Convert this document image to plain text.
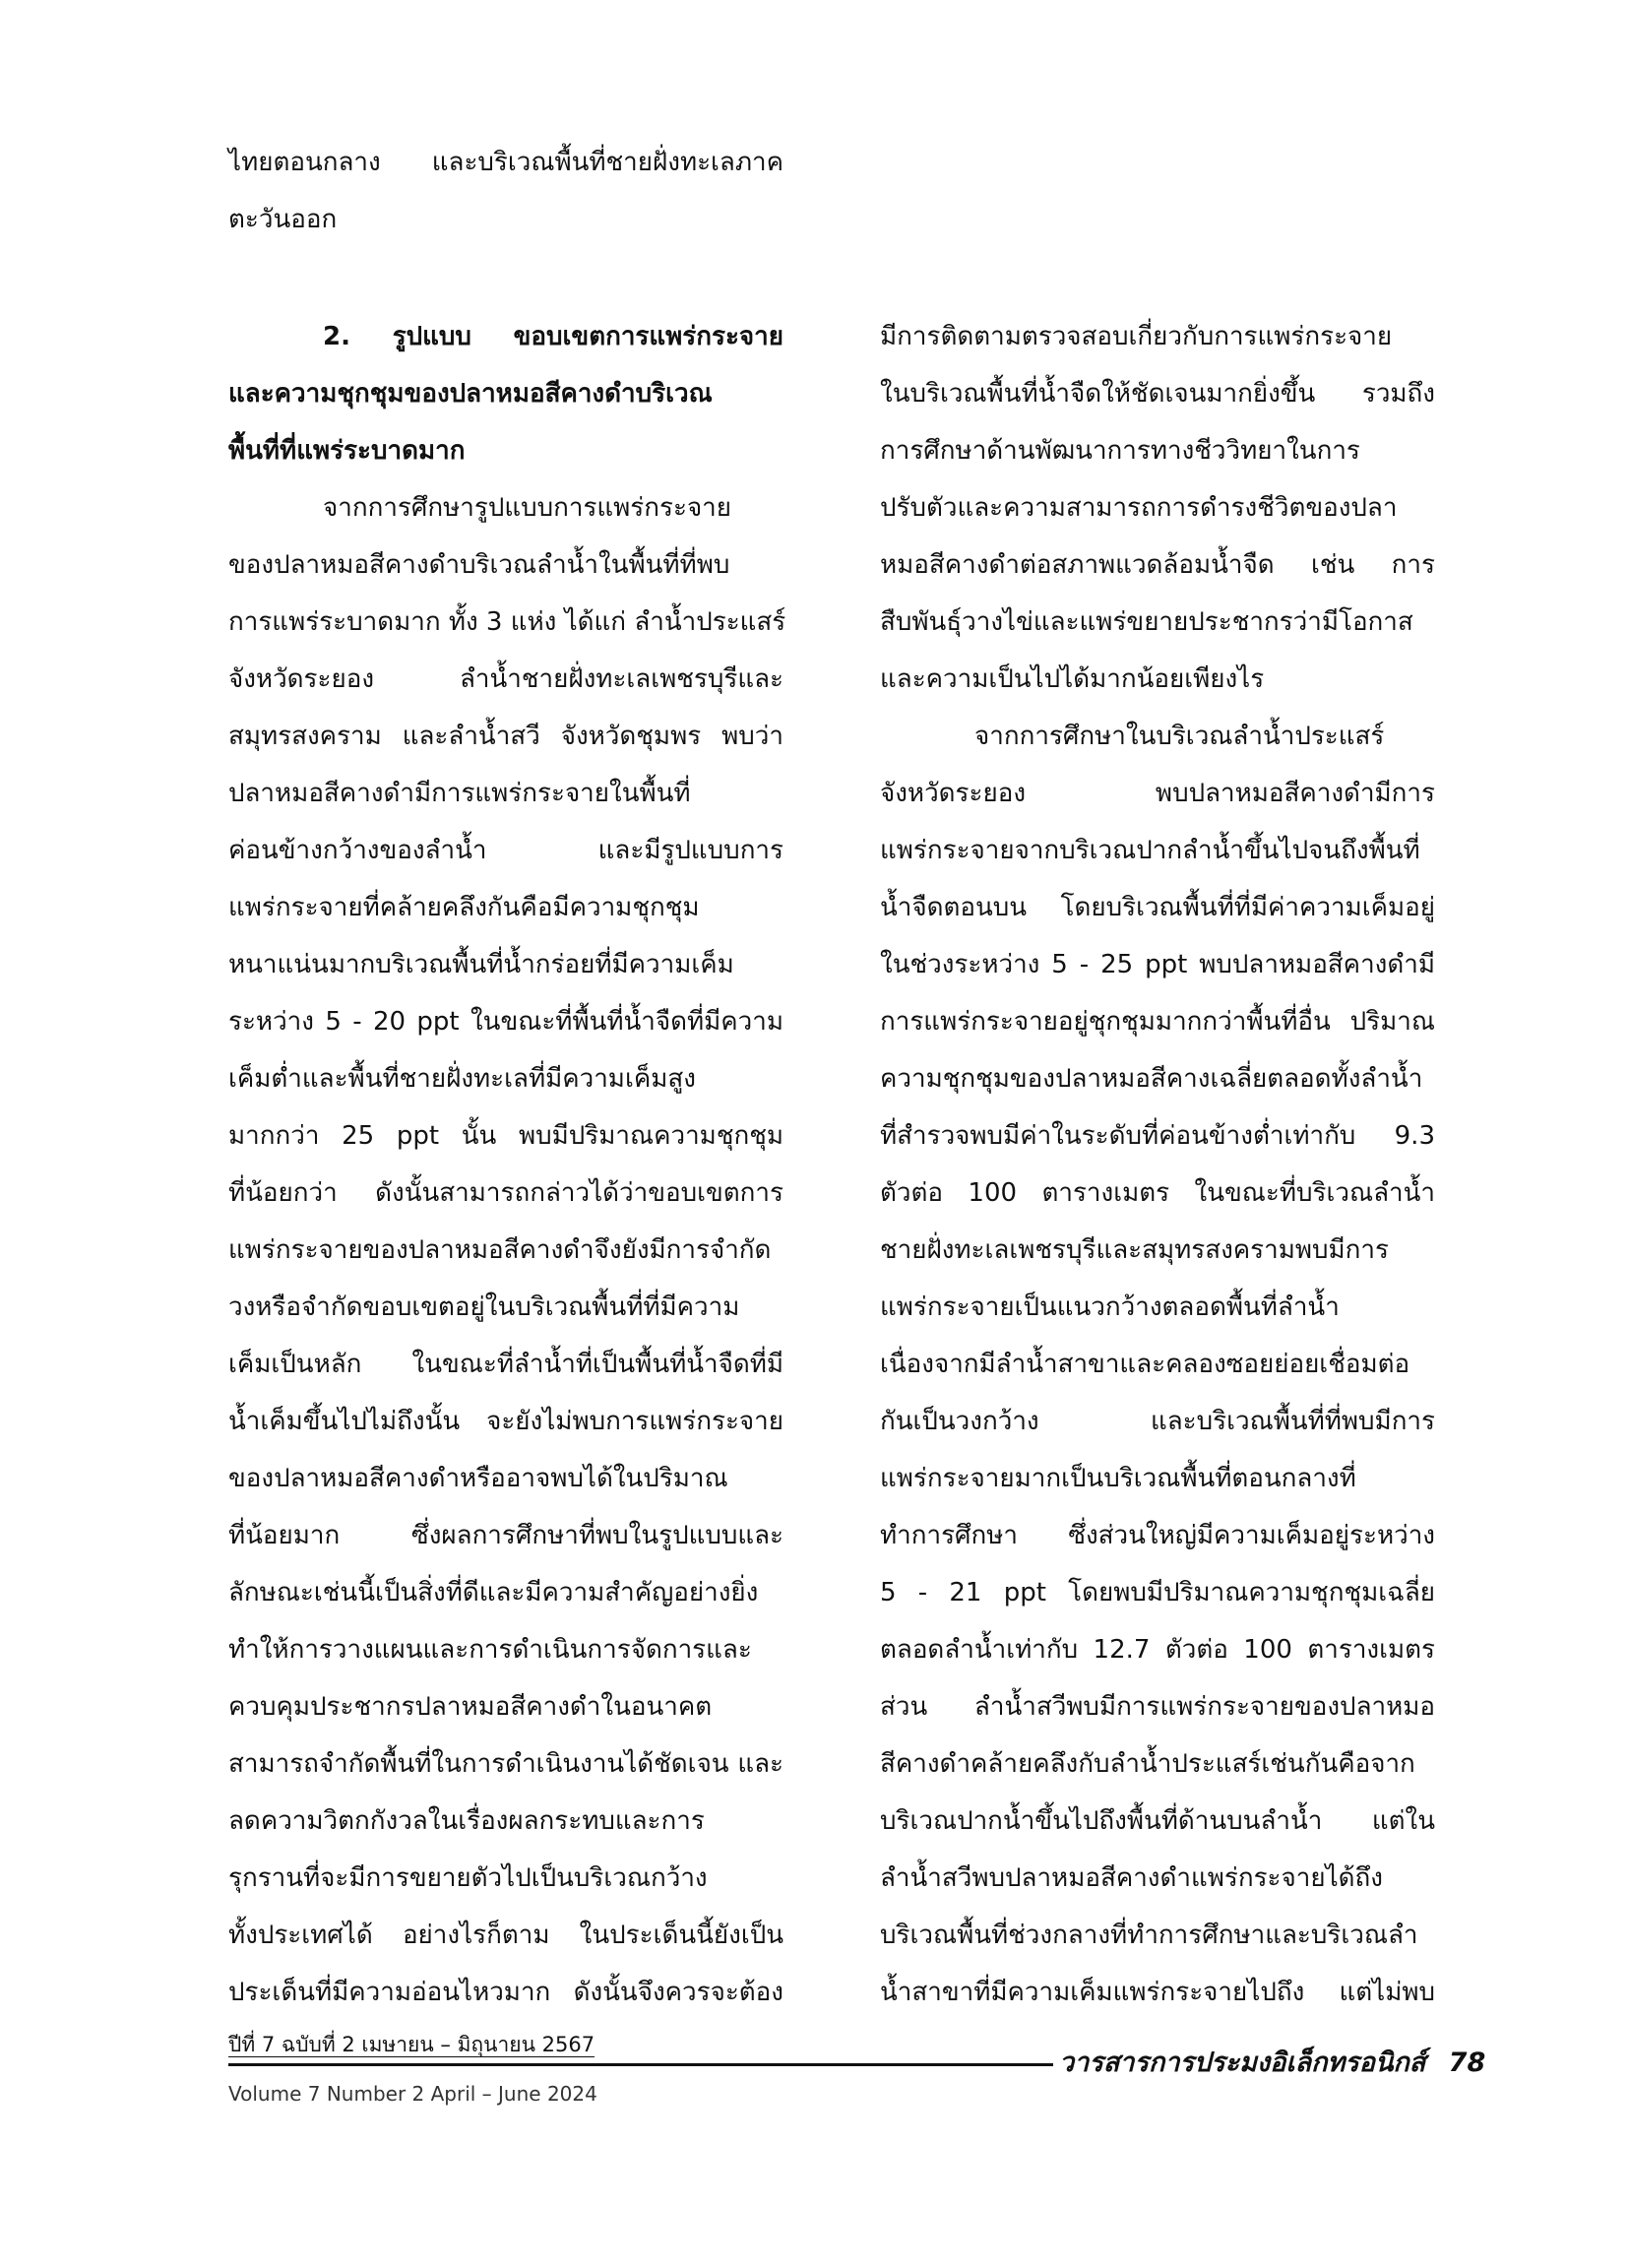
ไทยตอนกลาง และบริเวณพื้นที่ชายฝั่งทะเลภาค
ตะวันออก
2. รูปแบบ ขอบเขตการแพร่กระจาย
และความชุกชุมของปลาหมอสีคางดำบริเวณ
พื้นที่ที่แพร่ระบาดมาก
จากการศึกษารูปแบบการแพร่กระจาย
ของปลาหมอสีคางดำบริเวณลำน้ำในพื้นที่ที่พบ
การแพร่ระบาดมาก ทั้ง 3 แห่ง ได้แก่ ลำน้ำประแสร์
จังหวัดระยอง ลำน้ำชายฝั่งทะเลเพชรบุรีและ
สมุทรสงคราม และลำน้ำสวี จังหวัดชุมพร พบว่า
ปลาหมอสีคางดำมีการแพร่กระจายในพื้นที่
ค่อนข้างกว้างของลำน้ำ และมีรูปแบบการ
แพร่กระจายที่คล้ายคลึงกันคือมีความชุกชุม
หนาแน่นมากบริเวณพื้นที่น้ำกร่อยที่มีความเค็ม
ระหว่าง 5 - 20 ppt ในขณะที่พื้นที่น้ำจืดที่มีความ
เค็มต่ำและพื้นที่ชายฝั่งทะเลที่มีความเค็มสูง
มากกว่า 25 ppt นั้น พบมีปริมาณความชุกชุม
ที่น้อยกว่า ดังนั้นสามารถกล่าวได้ว่าขอบเขตการ
แพร่กระจายของปลาหมอสีคางดำจึงยังมีการจำกัด
วงหรือจำกัดขอบเขตอยู่ในบริเวณพื้นที่ที่มีความ
เค็มเป็นหลัก ในขณะที่ลำน้ำที่เป็นพื้นที่น้ำจืดที่มี
น้ำเค็มขึ้นไปไม่ถึงนั้น จะยังไม่พบการแพร่กระจาย
ของปลาหมอสีคางดำหรืออาจพบได้ในปริมาณ
ที่น้อยมาก ซึ่งผลการศึกษาที่พบในรูปแบบและ
ลักษณะเช่นนี้เป็นสิ่งที่ดีและมีความสำคัญอย่างยิ่ง
ทำให้การวางแผนและการดำเนินการจัดการและ
ควบคุมประชากรปลาหมอสีคางดำในอนาคต
สามารถจำกัดพื้นที่ในการดำเนินงานได้ชัดเจน และ
ลดความวิตกกังวลในเรื่องผลกระทบและการ
รุกรานที่จะมีการขยายตัวไปเป็นบริเวณกว้าง
ทั้งประเทศได้ อย่างไรก็ตาม ในประเด็นนี้ยังเป็น
ประเด็นที่มีความอ่อนไหวมาก ดังนั้นจึงควรจะต้อง
มีการติดตามตรวจสอบเกี่ยวกับการแพร่กระจาย
ในบริเวณพื้นที่น้ำจืดให้ชัดเจนมากยิ่งขึ้น รวมถึง
การศึกษาด้านพัฒนาการทางชีววิทยาในการ
ปรับตัวและความสามารถการดำรงชีวิตของปลา
หมอสีคางดำต่อสภาพแวดล้อมน้ำจืด เช่น การ
สืบพันธุ์วางไข่และแพร่ขยายประชากรว่ามีโอกาส
และความเป็นไปได้มากน้อยเพียงไร
จากการศึกษาในบริเวณลำน้ำประแสร์
จังหวัดระยอง พบปลาหมอสีคางดำมีการ
แพร่กระจายจากบริเวณปากลำน้ำขึ้นไปจนถึงพื้นที่
น้ำจืดตอนบน โดยบริเวณพื้นที่ที่มีค่าความเค็มอยู่
ในช่วงระหว่าง 5 - 25 ppt พบปลาหมอสีคางดำมี
การแพร่กระจายอยู่ชุกชุมมากกว่าพื้นที่อื่น ปริมาณ
ความชุกชุมของปลาหมอสีคางเฉลี่ยตลอดทั้งลำน้ำ
ที่สำรวจพบมีค่าในระดับที่ค่อนข้างต่ำเท่ากับ 9.3
ตัวต่อ 100 ตารางเมตร ในขณะที่บริเวณลำน้ำ
ชายฝั่งทะเลเพชรบุรีและสมุทรสงครามพบมีการ
แพร่กระจายเป็นแนวกว้างตลอดพื้นที่ลำน้ำ
เนื่องจากมีลำน้ำสาขาและคลองซอยย่อยเชื่อมต่อ
กันเป็นวงกว้าง และบริเวณพื้นที่ที่พบมีการ
แพร่กระจายมากเป็นบริเวณพื้นที่ตอนกลางที่
ทำการศึกษา ซึ่งส่วนใหญ่มีความเค็มอยู่ระหว่าง
5 - 21 ppt โดยพบมีปริมาณความชุกชุมเฉลี่ย
ตลอดลำน้ำเท่ากับ 12.7 ตัวต่อ 100 ตารางเมตร
ส่วน ลำน้ำสวีพบมีการแพร่กระจายของปลาหมอ
สีคางดำคล้ายคลึงกับลำน้ำประแสร์เช่นกันคือจาก
บริเวณปากน้ำขึ้นไปถึงพื้นที่ด้านบนลำน้ำ แต่ใน
ลำน้ำสวีพบปลาหมอสีคางดำแพร่กระจายได้ถึง
บริเวณพื้นที่ช่วงกลางที่ทำการศึกษาและบริเวณลำ
น้ำสาขาที่มีความเค็มแพร่กระจายไปถึง แต่ไม่พบ
ปีที่ 7 ฉบับที่ 2 เมษายน – มิถุนายน 2567
Volume 7 Number 2 April – June 2024
วารสารการประมงอิเล็กทรอนิกส์ 78
